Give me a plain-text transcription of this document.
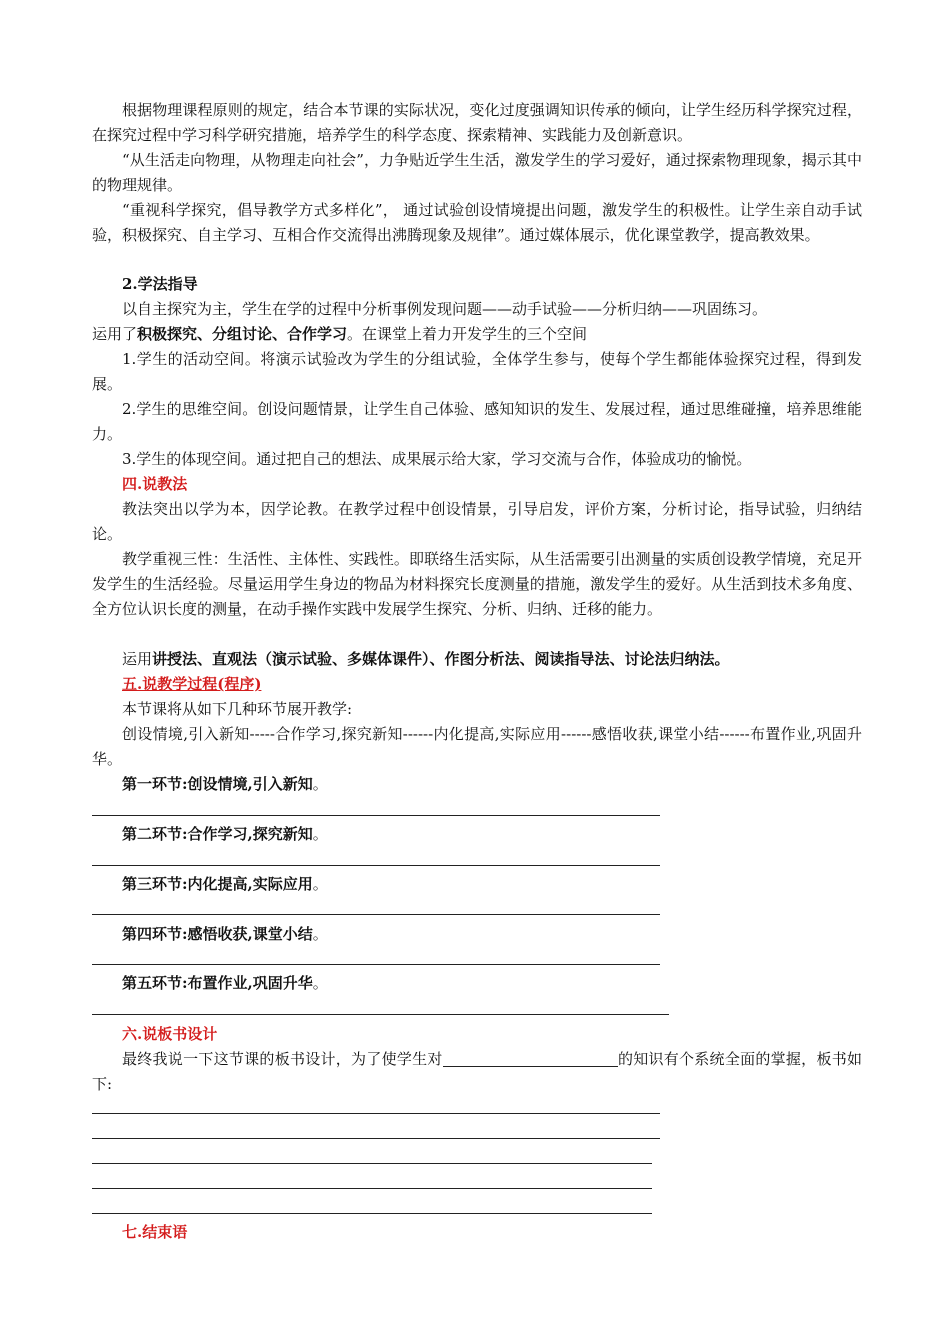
根据物理课程原则的规定，结合本节课的实际状况，变化过度强调知识传承的倾向，让学生经历科学探究过程，在探究过程中学习科学研究措施，培养学生的科学态度、探索精神、实践能力及创新意识。

“从生活走向物理，从物理走向社会”，力争贴近学生生活，激发学生的学习爱好，通过探索物理现象，揭示其中的物理规律。

“重视科学探究，倡导教学方式多样化”， 通过试验创设情境提出问题，激发学生的积极性。让学生亲自动手试验，积极探究、自主学习、互相合作交流得出沸腾现象及规律”。通过媒体展示，优化课堂教学，提高教效果。

2.学法指导

以自主探究为主，学生在学的过程中分析事例发现问题——动手试验——分析归纳——巩固练习。

运用了积极探究、分组讨论、合作学习。在课堂上着力开发学生的三个空间

1.学生的活动空间。将演示试验改为学生的分组试验，全体学生参与，使每个学生都能体验探究过程，得到发展。

2.学生的思维空间。创设问题情景，让学生自己体验、感知知识的发生、发展过程，通过思维碰撞，培养思维能力。

3.学生的体现空间。通过把自己的想法、成果展示给大家，学习交流与合作，体验成功的愉悦。

四.说教法

教法突出以学为本，因学论教。在教学过程中创设情景，引导启发，评价方案，分析讨论，指导试验，归纳结论。

教学重视三性：生活性、主体性、实践性。即联络生活实际，从生活需要引出测量的实质创设教学情境，充足开发学生的生活经验。尽量运用学生身边的物品为材料探究长度测量的措施，激发学生的爱好。从生活到技术多角度、全方位认识长度的测量，在动手操作实践中发展学生探究、分析、归纳、迁移的能力。

运用讲授法、直观法（演示试验、多媒体课件）、作图分析法、阅读指导法、讨论法归纳法。

五.说教学过程(程序)

本节课将从如下几种环节展开教学:

创设情境,引入新知-----合作学习,探究新知------内化提高,实际应用------感悟收获,课堂小结------布置作业,巩固升华。

第一环节:创设情境,引入新知。

第二环节:合作学习,探究新知。

第三环节:内化提高,实际应用。

第四环节:感悟收获,课堂小结。

第五环节:布置作业,巩固升华。

六.说板书设计

最终我说一下这节课的板书设计，为了使学生对	的知识有个系统全面的掌握，板书如下:

七.结束语
